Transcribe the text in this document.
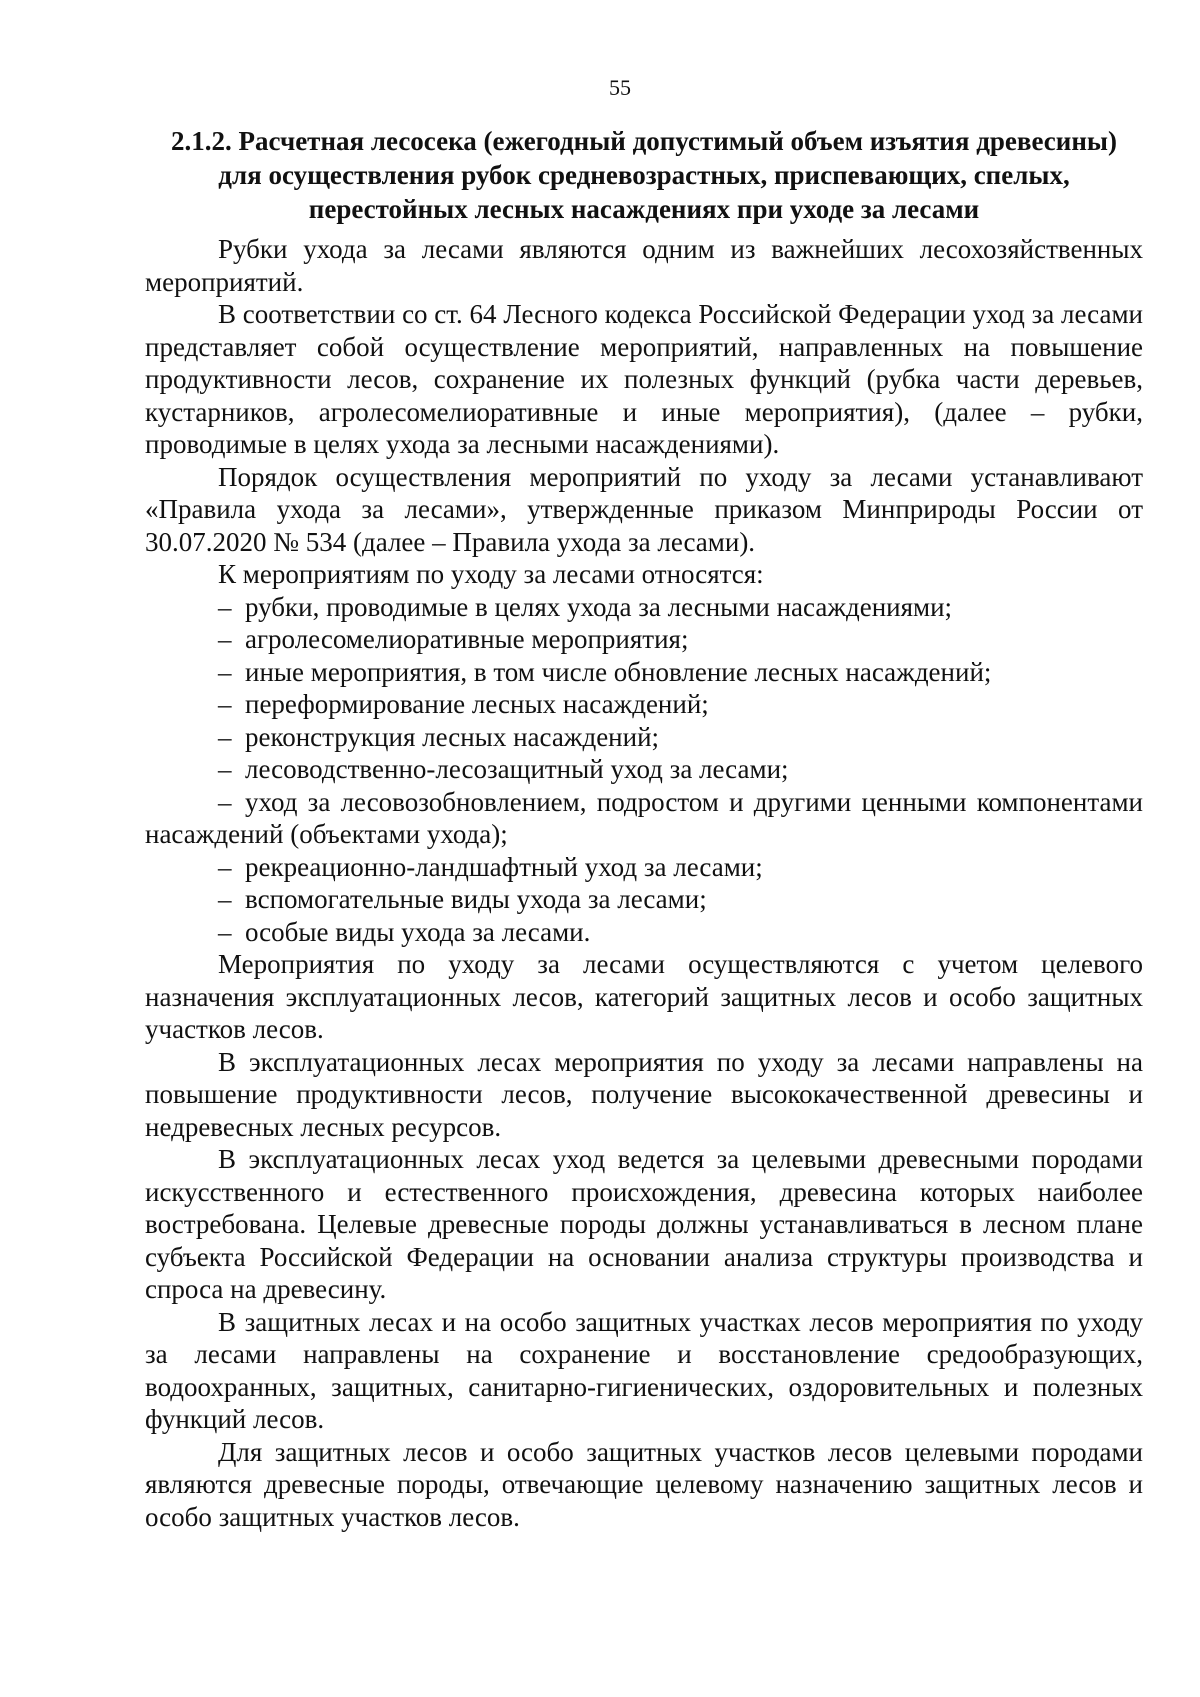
55
2.1.2. Расчетная лесосека (ежегодный допустимый объем изъятия древесины)
для осуществления рубок средневозрастных, приспевающих, спелых,
перестойных лесных насаждениях при уходе за лесами

Рубки ухода за лесами являются одним из важнейших лесохозяйственных мероприятий.

В соответствии со ст. 64 Лесного кодекса Российской Федерации уход за лесами представляет собой осуществление мероприятий, направленных на повышение продуктивности лесов, сохранение их полезных функций (рубка части деревьев, кустарников, агролесомелиоративные и иные мероприятия), (далее – рубки, проводимые в целях ухода за лесными насаждениями).

Порядок осуществления мероприятий по уходу за лесами устанавливают «Правила ухода за лесами», утвержденные приказом Минприроды России от 30.07.2020 № 534 (далее – Правила ухода за лесами).

К мероприятиям по уходу за лесами относятся:

– рубки, проводимые в целях ухода за лесными насаждениями;
– агролесомелиоративные мероприятия;
– иные мероприятия, в том числе обновление лесных насаждений;
– переформирование лесных насаждений;
– реконструкция лесных насаждений;
– лесоводственно-лесозащитный уход за лесами;
– уход за лесовозобновлением, подростом и другими ценными компонентами насаждений (объектами ухода);
– рекреационно-ландшафтный уход за лесами;
– вспомогательные виды ухода за лесами;
– особые виды ухода за лесами.

Мероприятия по уходу за лесами осуществляются с учетом целевого назначения эксплуатационных лесов, категорий защитных лесов и особо защитных участков лесов.

В эксплуатационных лесах мероприятия по уходу за лесами направлены на повышение продуктивности лесов, получение высококачественной древесины и недревесных лесных ресурсов.

В эксплуатационных лесах уход ведется за целевыми древесными породами искусственного и естественного происхождения, древесина которых наиболее востребована. Целевые древесные породы должны устанавливаться в лесном плане субъекта Российской Федерации на основании анализа структуры производства и спроса на древесину.

В защитных лесах и на особо защитных участках лесов мероприятия по уходу за лесами направлены на сохранение и восстановление средообразующих, водоохранных, защитных, санитарно-гигиенических, оздоровительных и полезных функций лесов.

Для защитных лесов и особо защитных участков лесов целевыми породами являются древесные породы, отвечающие целевому назначению защитных лесов и особо защитных участков лесов.
